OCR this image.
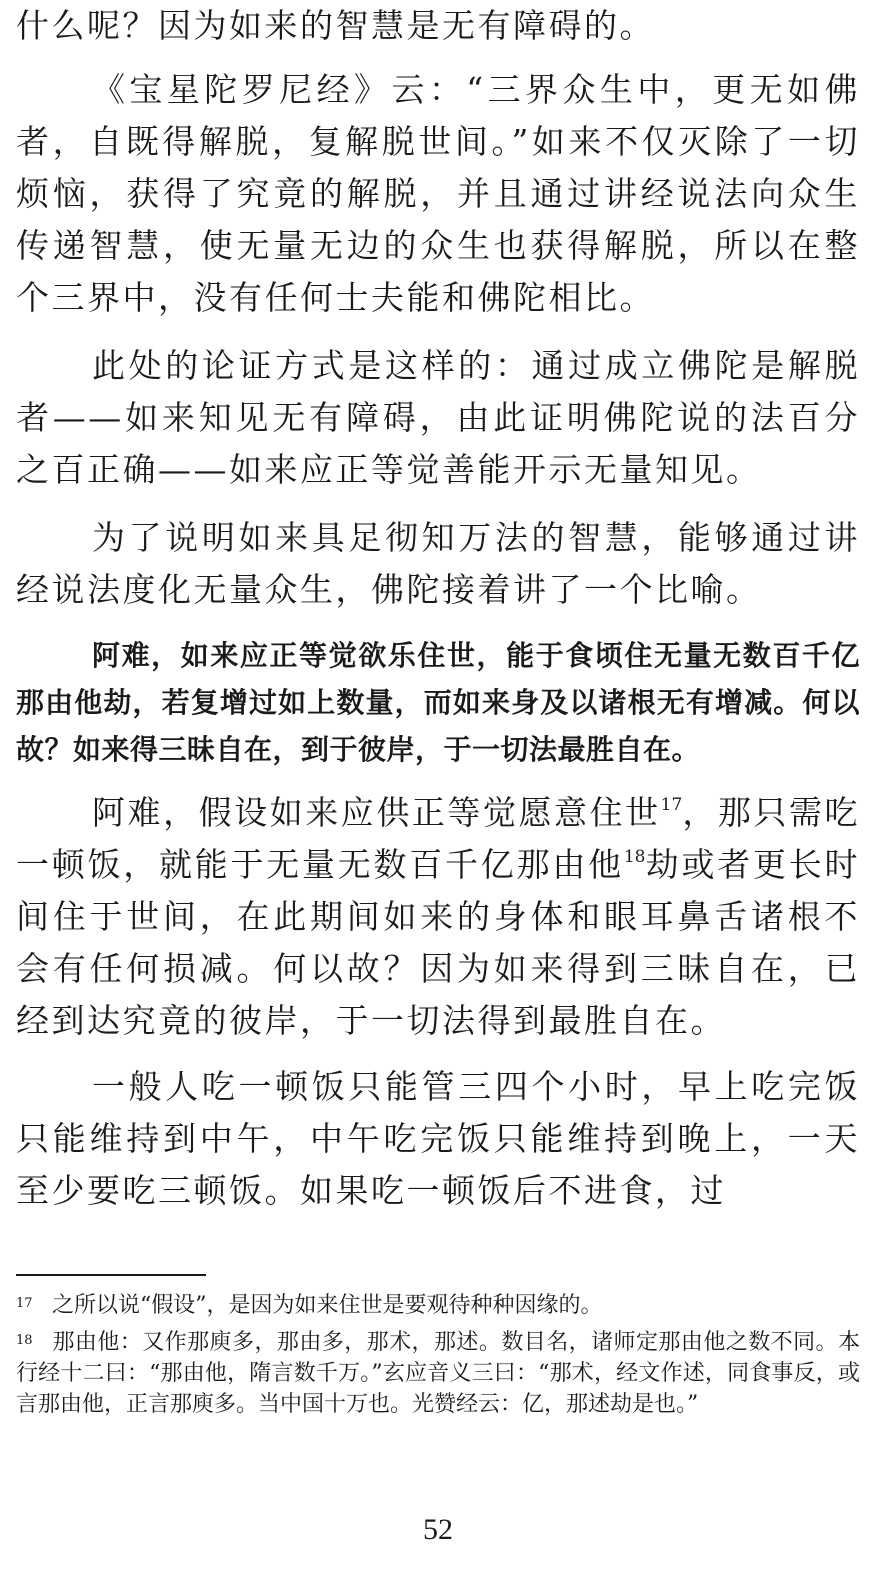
什么呢？因为如来的智慧是无有障碍的。

《宝星陀罗尼经》云：“三界众生中，更无如佛者，自既得解脱，复解脱世间。”如来不仅灭除了一切烦恼，获得了究竟的解脱，并且通过讲经说法向众生传递智慧，使无量无边的众生也获得解脱，所以在整个三界中，没有任何士夫能和佛陀相比。

此处的论证方式是这样的：通过成立佛陀是解脱者——如来知见无有障碍，由此证明佛陀说的法百分之百正确——如来应正等觉善能开示无量知见。

为了说明如来具足彻知万法的智慧，能够通过讲经说法度化无量众生，佛陀接着讲了一个比喻。

阿难，如来应正等觉欲乐住世，能于食顷住无量无数百千亿那由他劫，若复增过如上数量，而如来身及以诸根无有增减。何以故？如来得三昧自在，到于彼岸，于一切法最胜自在。

阿难，假设如来应供正等觉愿意住世$^{17}$，那只需吃一顿饭，就能于无量无数百千亿那由他$^{18}$劫或者更长时间住于世间，在此期间如来的身体和眼耳鼻舌诸根不会有任何损减。何以故？因为如来得到三昧自在，已经到达究竟的彼岸，于一切法得到最胜自在。

一般人吃一顿饭只能管三四个小时，早上吃完饭只能维持到中午，中午吃完饭只能维持到晚上，一天至少要吃三顿饭。如果吃一顿饭后不进食，过

17 之所以说“假设”，是因为如来住世是要观待种种因缘的。

18 那由他：又作那庾多，那由多，那术，那述。数目名，诸师定那由他之数不同。本行经十二曰：“那由他，隋言数千万。”玄应音义三曰：“那术，经文作述，同食事反，或言那由他，正言那庾多。当中国十万也。光赞经云：亿，那述劫是也。”

52
